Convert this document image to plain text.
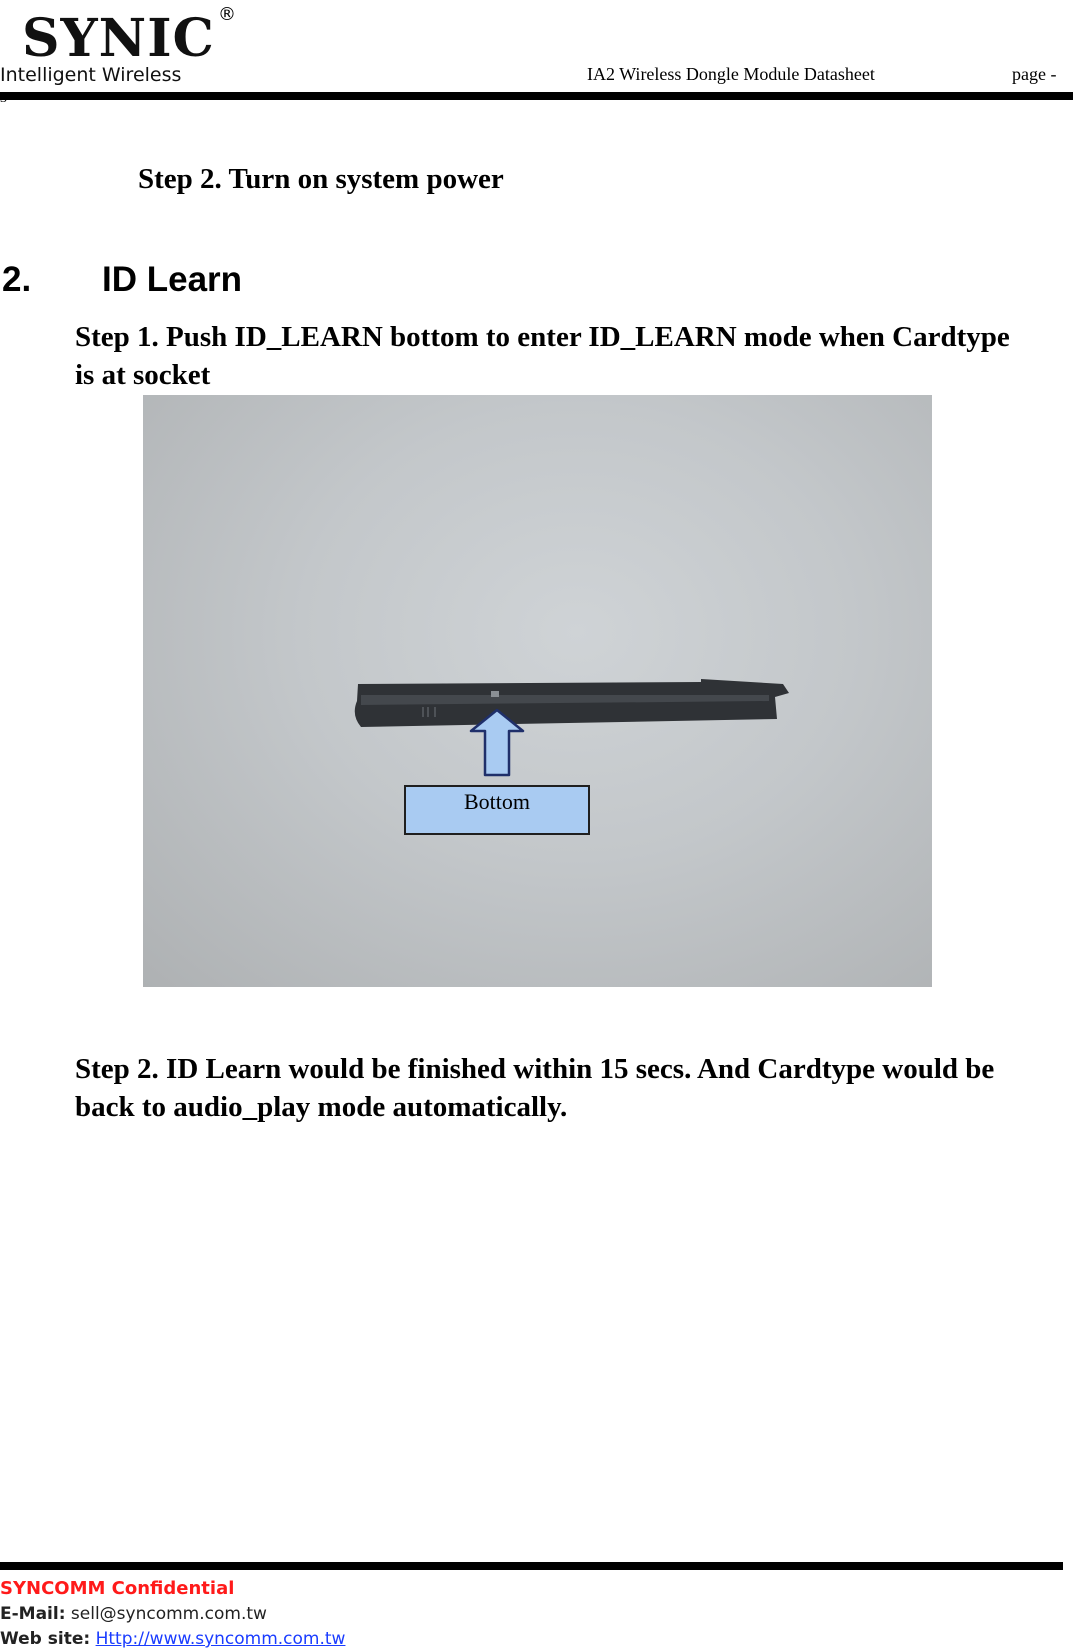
SYNIC ®
Intelligent Wireless	IA2 Wireless Dongle Module Datasheet	page -
3 -
Step 2. Turn on system power
2. ID Learn
Step 1. Push ID_LEARN bottom to enter ID_LEARN mode when Cardtype is at socket
Bottom
Step 2. ID Learn would be finished within 15 secs. And Cardtype would be back to audio_play mode automatically.
SYNCOMM Confidential
E-Mail: sell@syncomm.com.tw
Web site: Http://www.syncomm.com.tw
